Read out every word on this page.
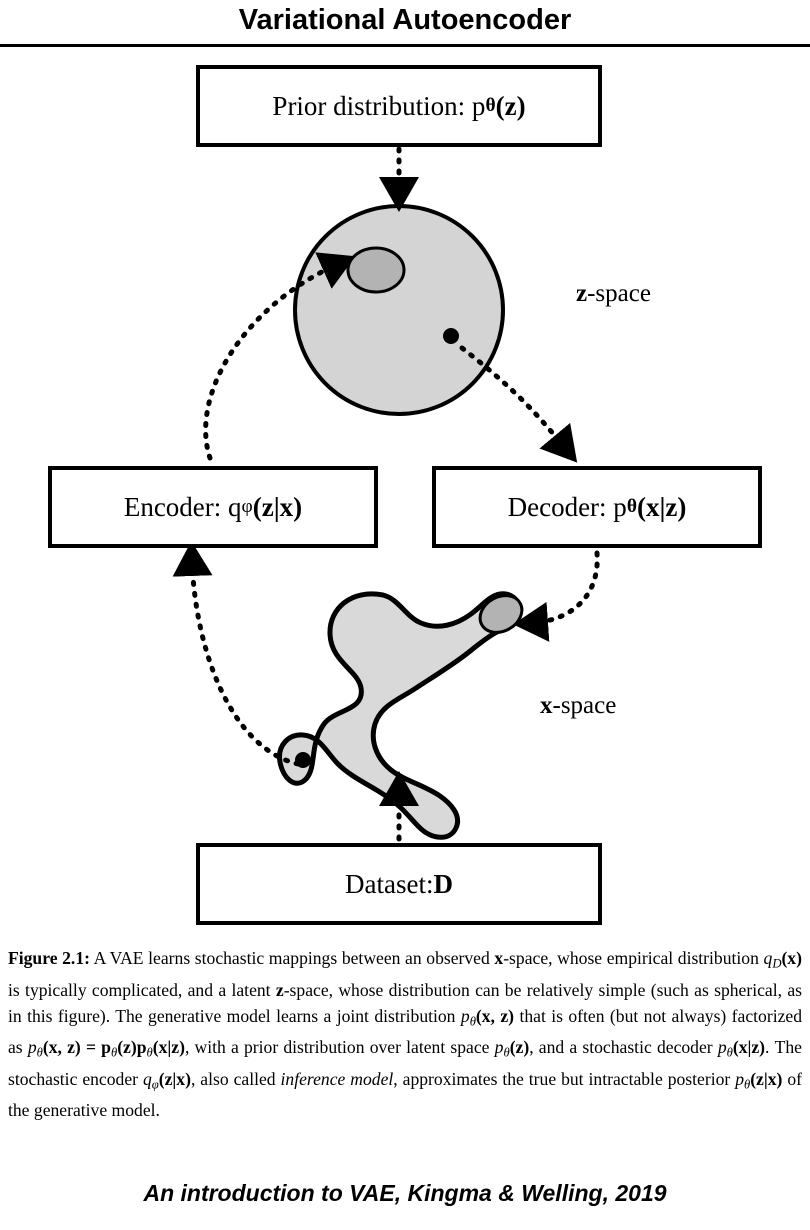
Variational Autoencoder
Prior distribution: p θ (z)
Encoder: q φ (z|x)	Decoder: p θ (x|z)
Dataset: D
z-space
x-space
Figure 2.1: A VAE learns stochastic mappings between an observed x-space, whose empirical distribution $q_D(x)$ is typically complicated, and a latent z-space, whose distribution can be relatively simple (such as spherical, as in this figure). The generative model learns a joint distribution $p_\theta(x$, z) that is often (but not always) factorized as $p_\theta(x$, $z) = p_\theta(z)p_\theta(x|z)$, with a prior distribution over latent space $p_\theta(z)$, and a stochastic decoder $p_\theta(x|z)$. The stochastic encoder $q_\varphi(z|x)$, also called inference model, approximates the true but intractable posterior $p_\theta(z|x)$ of the generative model.
An introduction to VAE, Kingma & Welling, 2019
